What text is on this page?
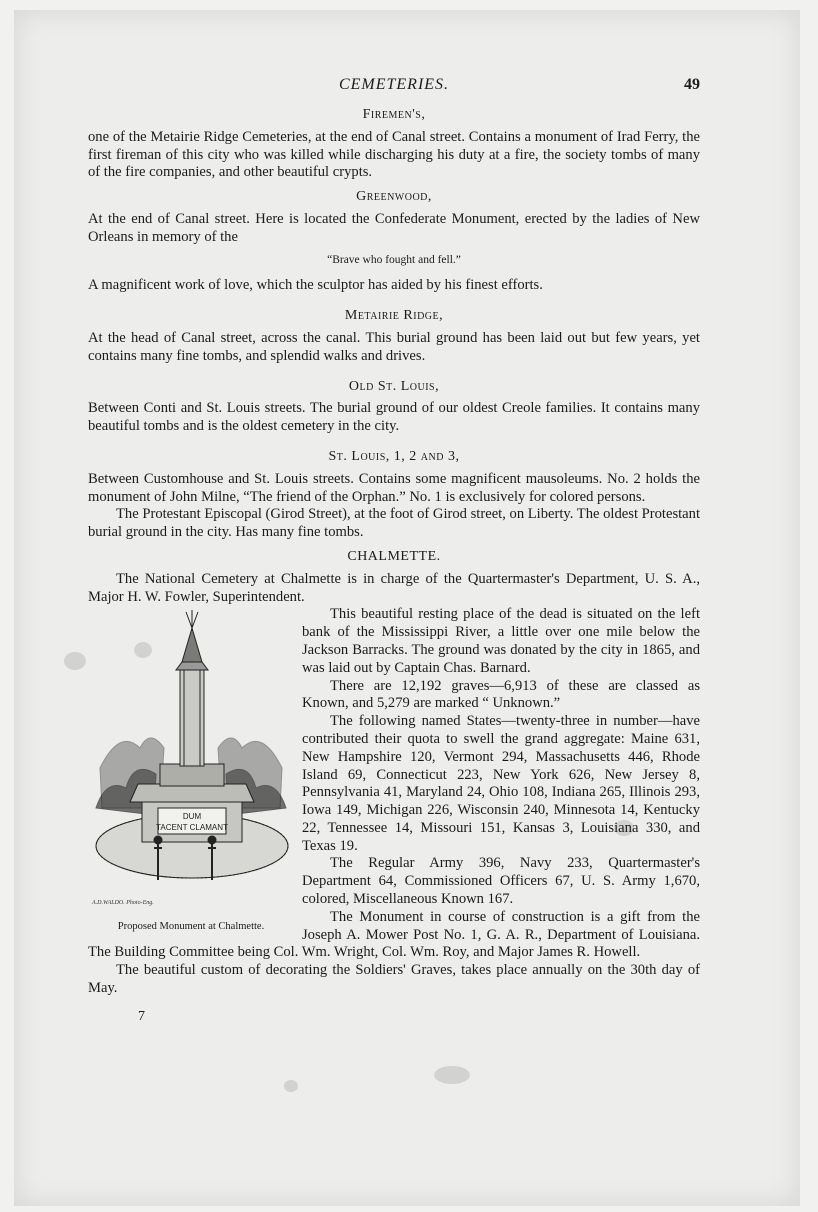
CEMETERIES.	49
Firemen's,

one of the Metairie Ridge Cemeteries, at the end of Canal street. Contains a monument of Irad Ferry, the first fireman of this city who was killed while discharging his duty at a fire, the society tombs of many of the fire companies, and other beautiful crypts.

Greenwood,

At the end of Canal street. Here is located the Confederate Monument, erected by the ladies of New Orleans in memory of the

“Brave who fought and fell.”

A magnificent work of love, which the sculptor has aided by his finest efforts.

Metairie Ridge,

At the head of Canal street, across the canal. This burial ground has been laid out but few years, yet contains many fine tombs, and splendid walks and drives.

Old St. Louis,

Between Conti and St. Louis streets. The burial ground of our oldest Creole families. It contains many beautiful tombs and is the oldest cemetery in the city.

St. Louis, 1, 2 and 3,

Between Customhouse and St. Louis streets. Contains some magnificent mausoleums. No. 2 holds the monument of John Milne, “The friend of the Orphan.” No. 1 is exclusively for colored persons.

The Protestant Episcopal (Girod Street), at the foot of Girod street, on Liberty. The oldest Protestant burial ground in the city. Has many fine tombs.

CHALMETTE.

The National Cemetery at Chalmette is in charge of the Quartermaster's Department, U. S. A., Major H. W. Fowler, Superintendent.

DUM
TACENT CLAMANT
A.D.WALDO. Photo-Eng.
Proposed Monument at Chalmette.

This beautiful resting place of the dead is situated on the left bank of the Mississippi River, a little over one mile below the Jackson Barracks. The ground was donated by the city in 1865, and was laid out by Captain Chas. Barnard.

There are 12,192 graves—6,913 of these are classed as Known, and 5,279 are marked “ Unknown.”

The following named States—twenty-three in number—have contributed their quota to swell the grand aggregate: Maine 631, New Hampshire 120, Vermont 294, Massachusetts 446, Rhode Island 69, Connecticut 223, New York 626, New Jersey 8, Pennsylvania 41, Maryland 24, Ohio 108, Indiana 265, Illinois 293, Iowa 149, Michigan 226, Wisconsin 240, Minnesota 14, Kentucky 22, Tennessee 14, Missouri 151, Kansas 3, Louisiana 330, and Texas 19.

The Regular Army 396, Navy 233, Quartermaster's Department 64, Commissioned Officers 67, U. S. Army 1,670, colored, Miscellaneous Known 167.

The Monument in course of construction is a gift from the Joseph A. Mower Post No. 1, G. A. R., Department of Louisiana. The Building Committee being Col. Wm. Wright, Col. Wm. Roy, and Major James R. Howell.

The beautiful custom of decorating the Soldiers' Graves, takes place annually on the 30th day of May.

7
